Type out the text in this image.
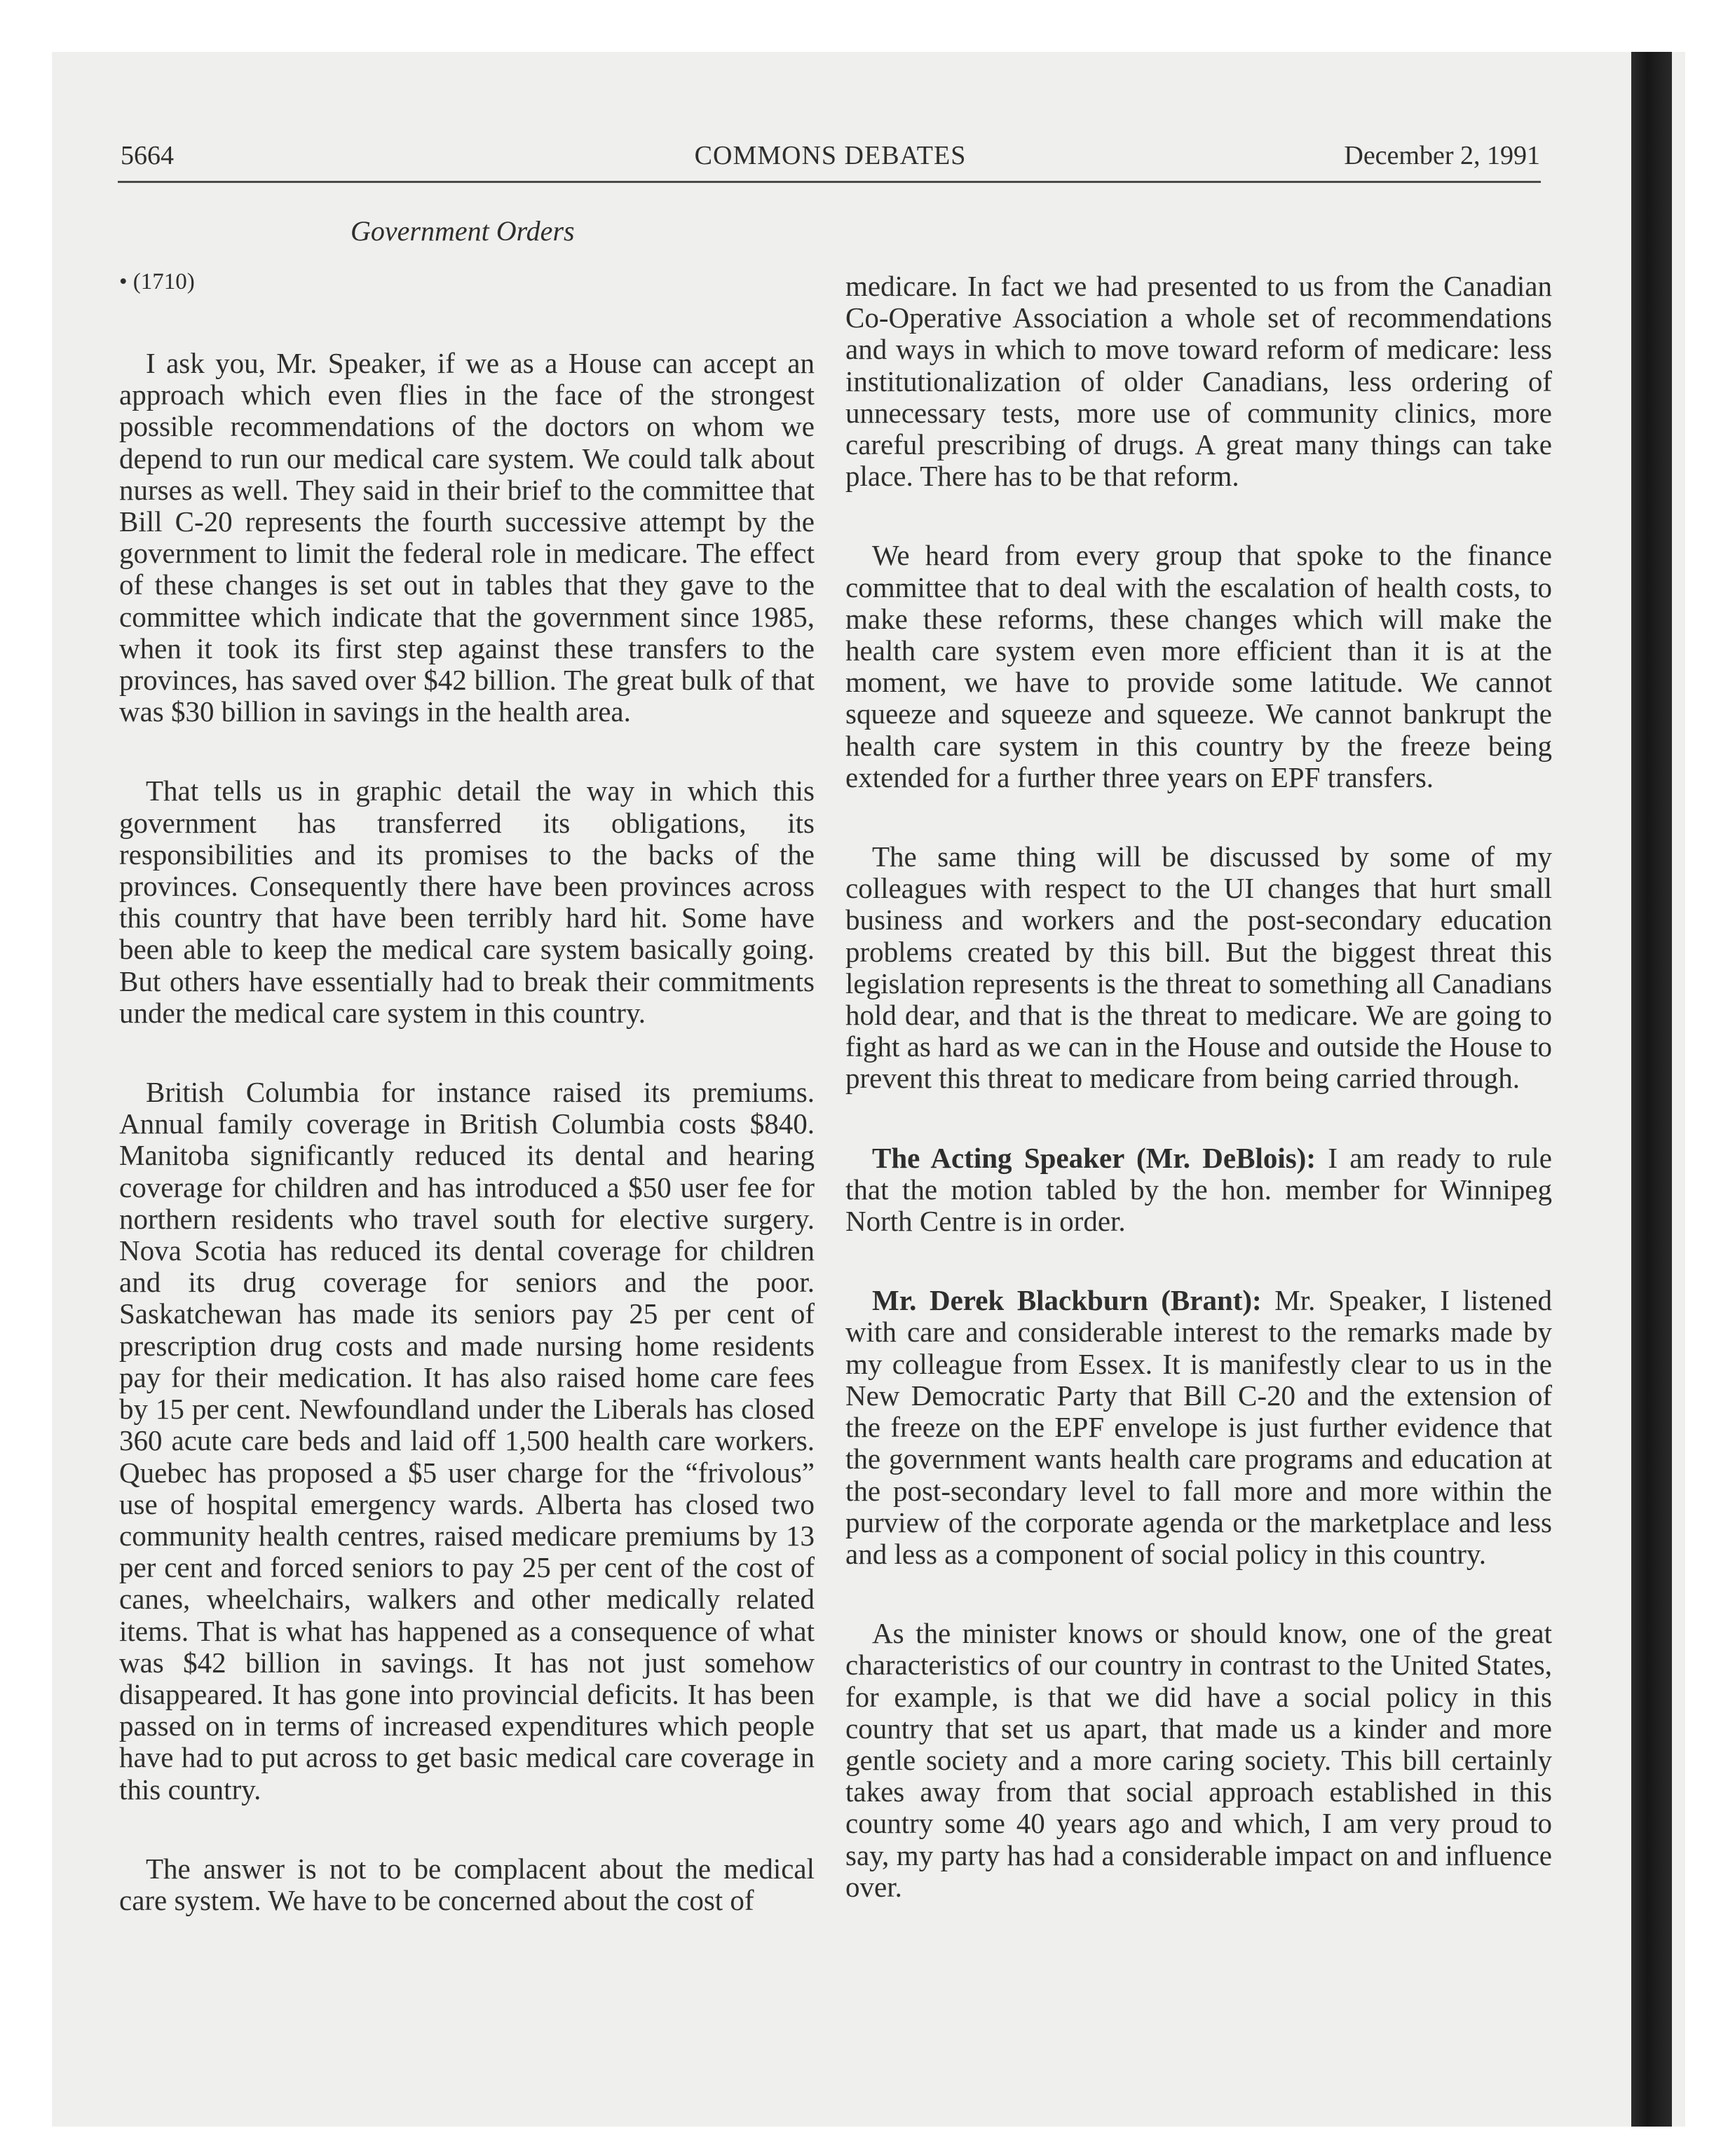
5664	COMMONS DEBATES	December 2, 1991
Government Orders
• (1710)

I ask you, Mr. Speaker, if we as a House can accept an approach which even flies in the face of the strongest possible recommendations of the doctors on whom we depend to run our medical care system. We could talk about nurses as well. They said in their brief to the committee that Bill C-20 represents the fourth successive attempt by the government to limit the federal role in medicare. The effect of these changes is set out in tables that they gave to the committee which indicate that the government since 1985, when it took its first step against these transfers to the provinces, has saved over $42 billion. The great bulk of that was $30 billion in savings in the health area.

That tells us in graphic detail the way in which this government has transferred its obligations, its responsibilities and its promises to the backs of the provinces. Consequently there have been provinces across this country that have been terribly hard hit. Some have been able to keep the medical care system basically going. But others have essentially had to break their commitments under the medical care system in this country.

British Columbia for instance raised its premiums. Annual family coverage in British Columbia costs $840. Manitoba significantly reduced its dental and hearing coverage for children and has introduced a $50 user fee for northern residents who travel south for elective surgery. Nova Scotia has reduced its dental coverage for children and its drug coverage for seniors and the poor. Saskatchewan has made its seniors pay 25 per cent of prescription drug costs and made nursing home residents pay for their medication. It has also raised home care fees by 15 per cent. Newfoundland under the Liberals has closed 360 acute care beds and laid off 1,500 health care workers. Quebec has proposed a $5 user charge for the “frivolous” use of hospital emergency wards. Alberta has closed two community health centres, raised medicare premiums by 13 per cent and forced seniors to pay 25 per cent of the cost of canes, wheelchairs, walkers and other medically related items. That is what has happened as a consequence of what was $42 billion in savings. It has not just somehow disappeared. It has gone into provincial deficits. It has been passed on in terms of increased expenditures which people have had to put across to get basic medical care coverage in this country.

The answer is not to be complacent about the medical care system. We have to be concerned about the cost of

medicare. In fact we had presented to us from the Canadian Co-Operative Association a whole set of recommendations and ways in which to move toward reform of medicare: less institutionalization of older Canadians, less ordering of unnecessary tests, more use of community clinics, more careful prescribing of drugs. A great many things can take place. There has to be that reform.

We heard from every group that spoke to the finance committee that to deal with the escalation of health costs, to make these reforms, these changes which will make the health care system even more efficient than it is at the moment, we have to provide some latitude. We cannot squeeze and squeeze and squeeze. We cannot bankrupt the health care system in this country by the freeze being extended for a further three years on EPF transfers.

The same thing will be discussed by some of my colleagues with respect to the UI changes that hurt small business and workers and the post-secondary education problems created by this bill. But the biggest threat this legislation represents is the threat to something all Canadians hold dear, and that is the threat to medicare. We are going to fight as hard as we can in the House and outside the House to prevent this threat to medicare from being carried through.

The Acting Speaker (Mr. DeBlois): I am ready to rule that the motion tabled by the hon. member for Winnipeg North Centre is in order.

Mr. Derek Blackburn (Brant): Mr. Speaker, I listened with care and considerable interest to the remarks made by my colleague from Essex. It is manifestly clear to us in the New Democratic Party that Bill C-20 and the extension of the freeze on the EPF envelope is just further evidence that the government wants health care programs and education at the post-secondary level to fall more and more within the purview of the corporate agenda or the marketplace and less and less as a component of social policy in this country.

As the minister knows or should know, one of the great characteristics of our country in contrast to the United States, for example, is that we did have a social policy in this country that set us apart, that made us a kinder and more gentle society and a more caring society. This bill certainly takes away from that social approach established in this country some 40 years ago and which, I am very proud to say, my party has had a considerable impact on and influence over.
